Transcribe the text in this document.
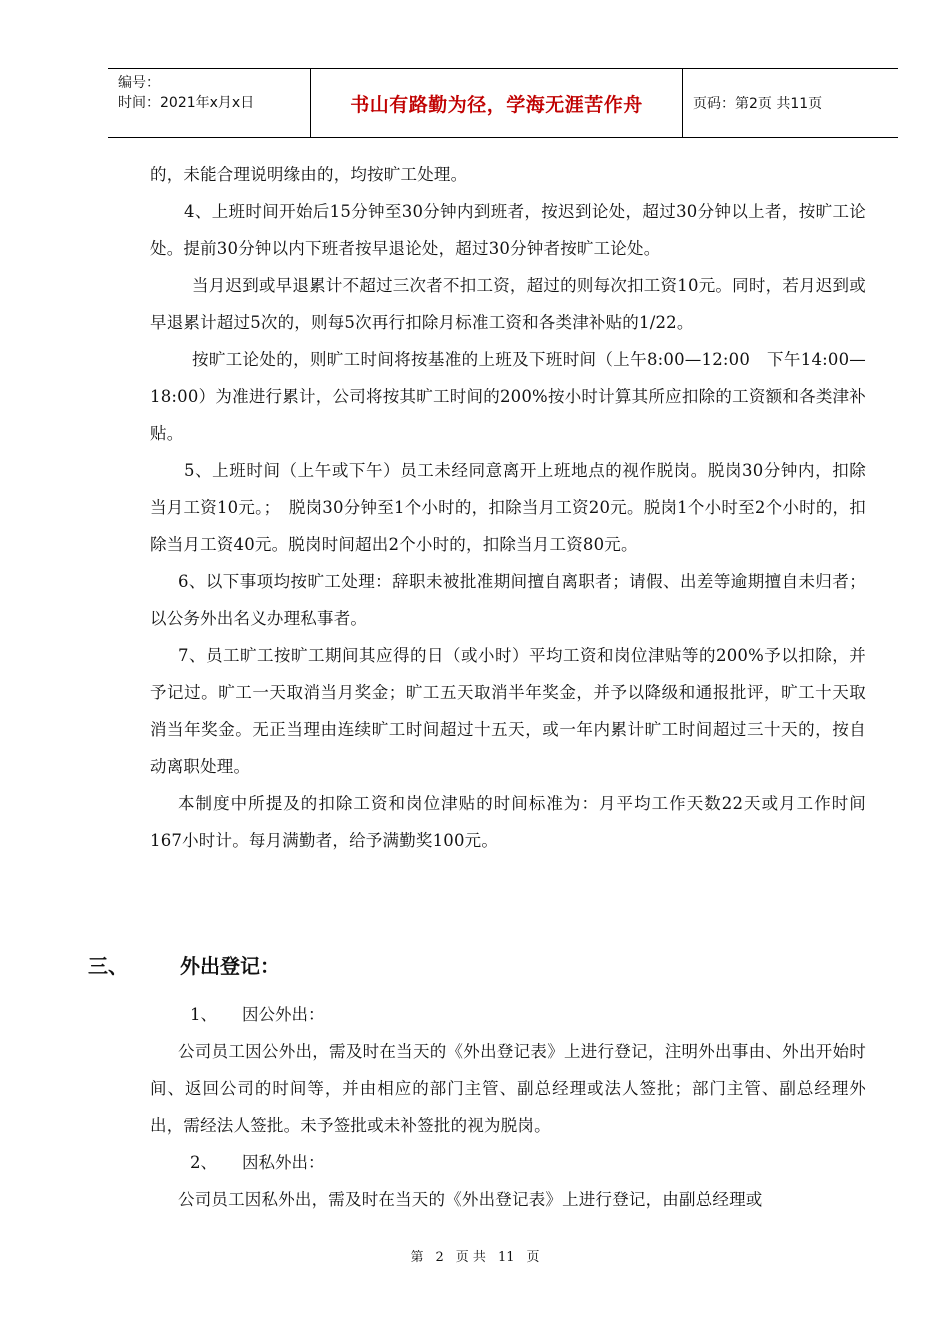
编号：
时间：2021年x月x日	书山有路勤为径，学海无涯苦作舟	页码：第2页 共11页

的，未能合理说明缘由的，均按旷工处理。

4、上班时间开始后15分钟至30分钟内到班者，按迟到论处，超过30分钟以上者，按旷工论处。提前30分钟以内下班者按早退论处，超过30分钟者按旷工论处。

当月迟到或早退累计不超过三次者不扣工资，超过的则每次扣工资10元。同时，若月迟到或早退累计超过5次的，则每5次再行扣除月标准工资和各类津补贴的1/22。

按旷工论处的，则旷工时间将按基准的上班及下班时间（上午8:00—12:00　下午14:00—18:00）为准进行累计，公司将按其旷工时间的200%按小时计算其所应扣除的工资额和各类津补贴。

5、上班时间（上午或下午）员工未经同意离开上班地点的视作脱岗。脱岗30分钟内，扣除当月工资10元。；　脱岗30分钟至1个小时的，扣除当月工资20元。脱岗1个小时至2个小时的，扣除当月工资40元。脱岗时间超出2个小时的，扣除当月工资80元。

6、以下事项均按旷工处理：辞职未被批准期间擅自离职者；请假、出差等逾期擅自未归者；以公务外出名义办理私事者。

7、员工旷工按旷工期间其应得的日（或小时）平均工资和岗位津贴等的200%予以扣除，并予记过。旷工一天取消当月奖金；旷工五天取消半年奖金，并予以降级和通报批评，旷工十天取消当年奖金。无正当理由连续旷工时间超过十五天，或一年内累计旷工时间超过三十天的，按自动离职处理。

本制度中所提及的扣除工资和岗位津贴的时间标准为：月平均工作天数22天或月工作时间167小时计。每月满勤者，给予满勤奖100元。

三、	外出登记：

1、 因公外出：

公司员工因公外出，需及时在当天的《外出登记表》上进行登记，注明外出事由、外出开始时间、返回公司的时间等，并由相应的部门主管、副总经理或法人签批；部门主管、副总经理外出，需经法人签批。未予签批或未补签批的视为脱岗。

2、 因私外出：

公司员工因私外出，需及时在当天的《外出登记表》上进行登记，由副总经理或

第 2 页 共 11 页
